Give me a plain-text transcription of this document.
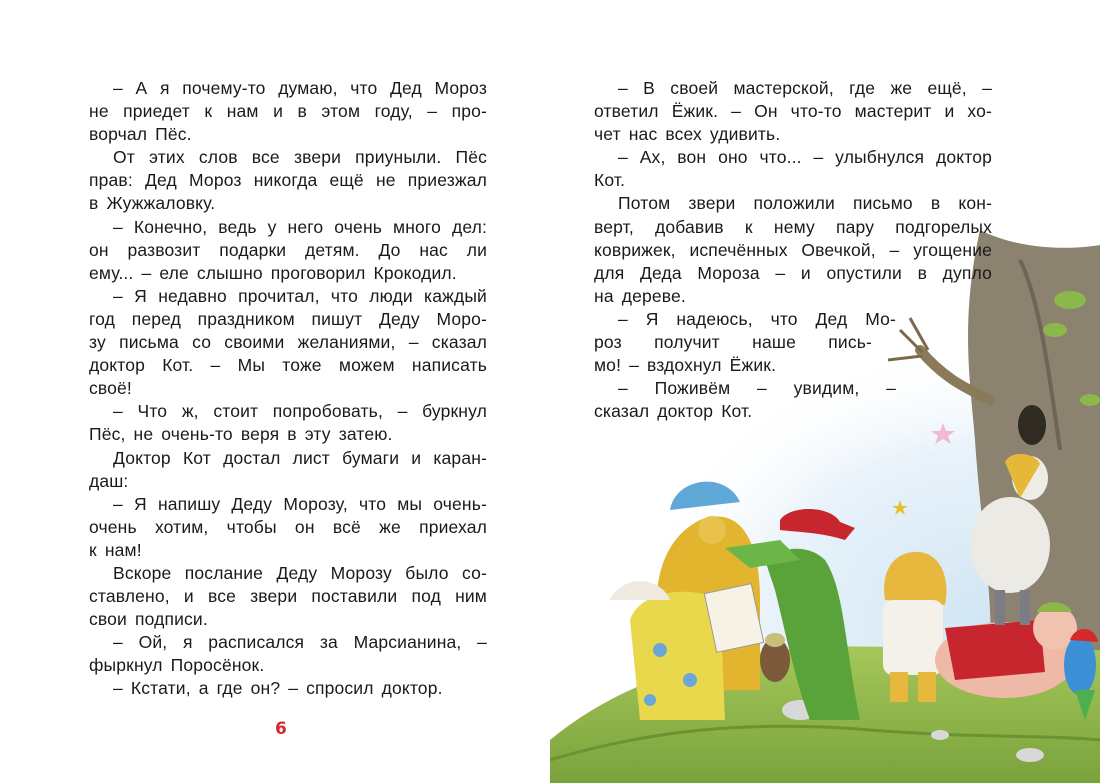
– А я почему-то думаю, что Дед Мороз
не приедет к нам и в этом году, – про-
ворчал Пёс.
От этих слов все звери приуныли. Пёс
прав: Дед Мороз никогда ещё не приезжал
в Жужжаловку.
– Конечно, ведь у него очень много дел:
он развозит подарки детям. До нас ли
ему... – еле слышно проговорил Крокодил.
– Я недавно прочитал, что люди каждый
год перед праздником пишут Деду Моро-
зу письма со своими желаниями, – сказал
доктор Кот. – Мы тоже можем написать
своё!
– Что ж, стоит попробовать, – буркнул
Пёс, не очень-то веря в эту затею.
Доктор Кот достал лист бумаги и каран-
даш:
– Я напишу Деду Морозу, что мы очень-
очень хотим, чтобы он всё же приехал
к нам!
Вскоре послание Деду Морозу было со-
ставлено, и все звери поставили под ним
свои подписи.
– Ой, я расписался за Марсианина, –
фыркнул Поросёнок.
– Кстати, а где он? – спросил доктор.
6
– В своей мастерской, где же ещё, –
ответил Ёжик. – Он что-то мастерит и хо-
чет нас всех удивить.
– Ах, вон оно что... – улыбнулся доктор
Кот.
Потом звери положили письмо в кон-
верт, добавив к нему пару подгорелых
коврижек, испечённых Овечкой, – угощение
для Деда Мороза – и опустили в дупло
на дереве.
– Я надеюсь, что Дед Мо-
роз получит наше пись-
мо! – вздохнул Ёжик.
– Поживём – увидим, –
сказал доктор Кот.
